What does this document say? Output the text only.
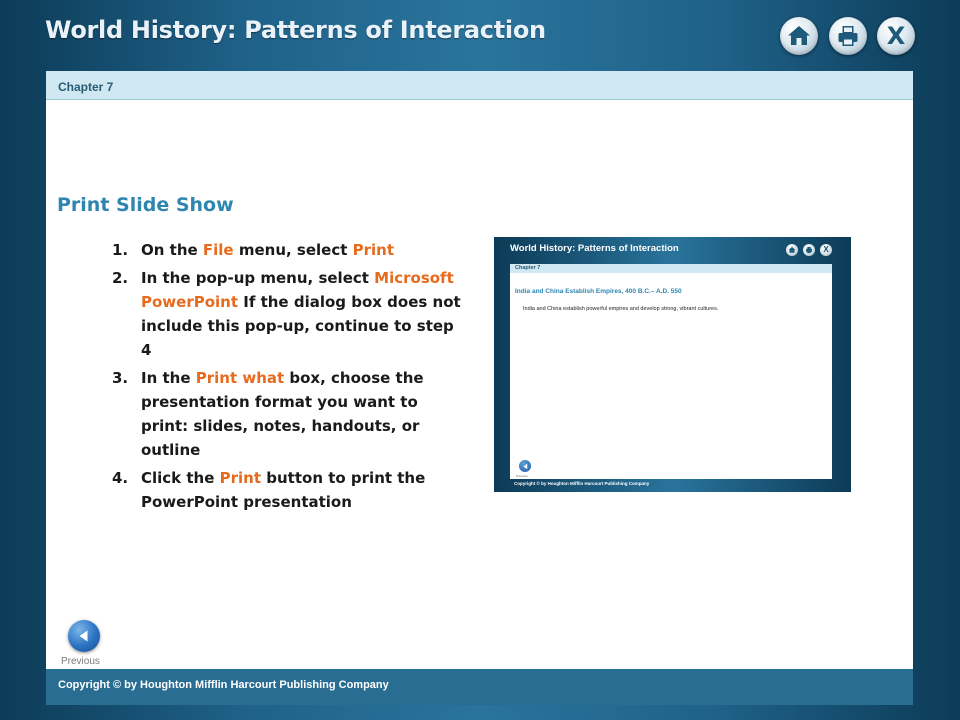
World History: Patterns of Interaction	X
Chapter 7
Print Slide Show
1. On the File menu, select Print
2. In the pop-up menu, select Microsoft PowerPoint If the dialog box does not include this pop-up, continue to step 4
3. In the Print what box, choose the presentation format you want to print: slides, notes, handouts, or outline
4. Click the Print button to print the PowerPoint presentation
World History: Patterns of Interaction	X
Chapter 7
India and China Establish Empires, 400 B.C.– A.D. 550
India and China establish powerful empires and develop strong, vibrant cultures.
Previous
Copyright © by Houghton Mifflin Harcourt Publishing Company
Previous
Copyright © by Houghton Mifflin Harcourt Publishing Company
